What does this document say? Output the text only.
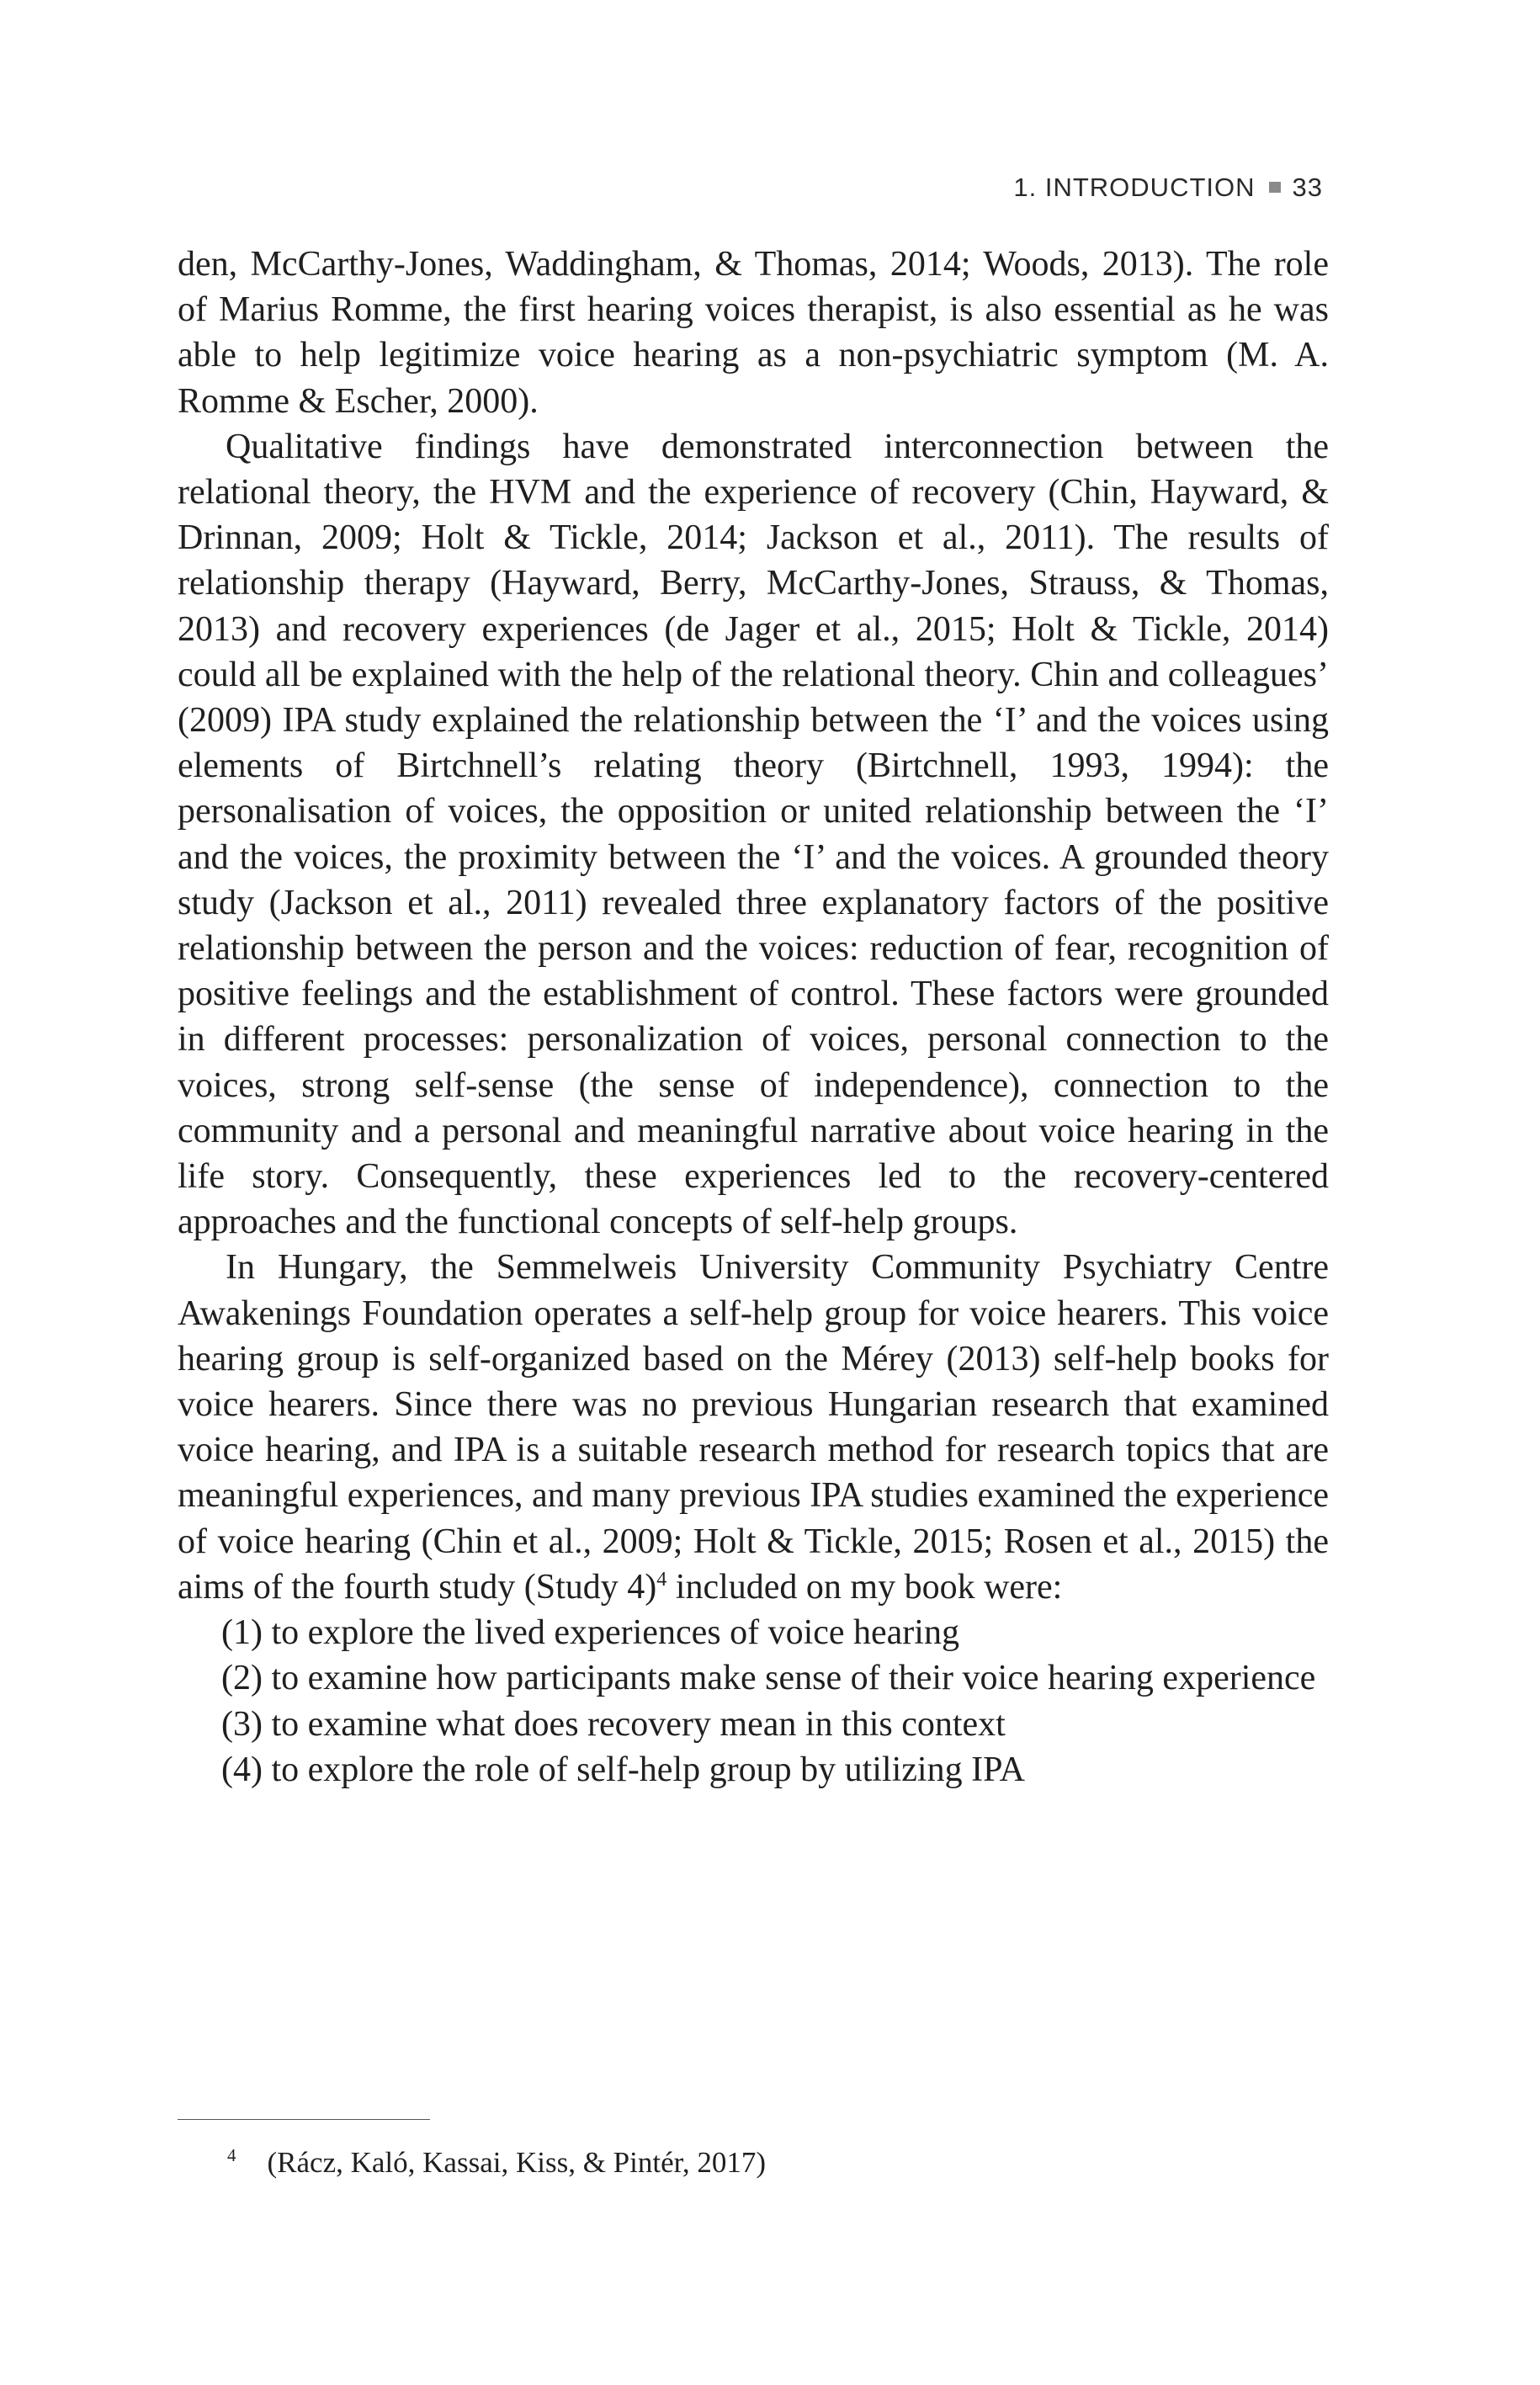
1. INTRODUCTION 33

den, McCarthy-Jones, Waddingham, & Thomas, 2014; Woods, 2013). The role of Marius Romme, the first hearing voices therapist, is also essential as he was able to help legitimize voice hearing as a non-psychiatric symptom (M. A. Romme & Escher, 2000).

Qualitative findings have demonstrated interconnection between the relational theory, the HVM and the experience of recovery (Chin, Hayward, & Drinnan, 2009; Holt & Tickle, 2014; Jackson et al., 2011). The results of relationship therapy (Hayward, Berry, McCarthy-Jones, Strauss, & Thomas, 2013) and recovery experiences (de Jager et al., 2015; Holt & Tickle, 2014) could all be explained with the help of the relational theory. Chin and colleagues’ (2009) IPA study explained the relationship between the ‘I’ and the voices using elements of Birtchnell’s relating theory (Birtchnell, 1993, 1994): the personalisation of voices, the opposition or united relationship between the ‘I’ and the voices, the proximity between the ‘I’ and the voices. A grounded theory study (Jackson et al., 2011) revealed three explanatory factors of the positive relationship between the person and the voices: reduction of fear, recognition of positive feelings and the establishment of control. These factors were grounded in different processes: personalization of voices, personal connection to the voices, strong self-sense (the sense of independence), connection to the community and a personal and meaningful narrative about voice hearing in the life story. Consequently, these experiences led to the recovery-centered approaches and the functional concepts of self-help groups.

In Hungary, the Semmelweis University Community Psychiatry Centre Awakenings Foundation operates a self-help group for voice hearers. This voice hearing group is self-organized based on the Mérey (2013) self-help books for voice hearers. Since there was no previous Hungarian research that examined voice hearing, and IPA is a suitable research method for research topics that are meaningful experiences, and many previous IPA studies examined the experience of voice hearing (Chin et al., 2009; Holt & Tickle, 2015; Rosen et al., 2015) the aims of the fourth study (Study 4)$^4$ included on my book were:

(1) to explore the lived experiences of voice hearing
(2) to examine how participants make sense of their voice hearing experience
(3) to examine what does recovery mean in this context
(4) to explore the role of self-help group by utilizing IPA
$^4$ (Rácz, Kaló, Kassai, Kiss, & Pintér, 2017)
